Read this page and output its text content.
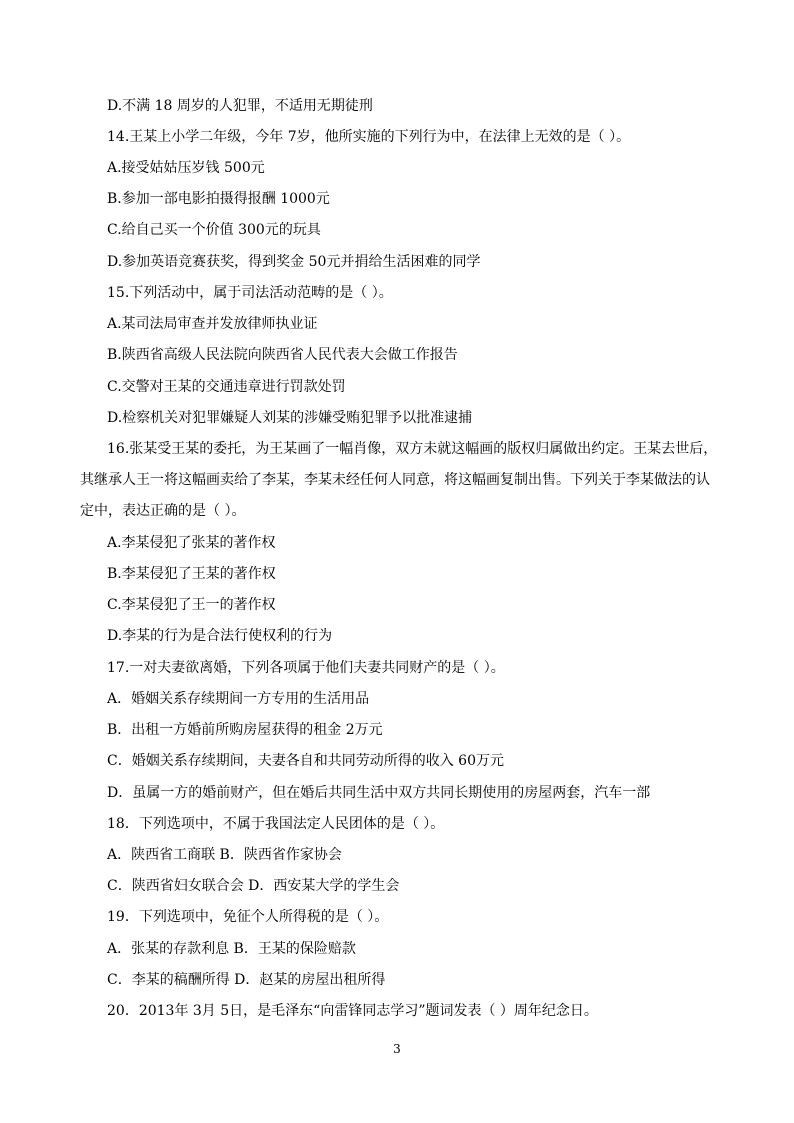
D.不满 18 周岁的人犯罪，不适用无期徒刑
14.王某上小学二年级，今年 7岁，他所实施的下列行为中，在法律上无效的是（ ）。
A.接受姑姑压岁钱 500元
B.参加一部电影拍摄得报酬 1000元
C.给自己买一个价值 300元的玩具
D.参加英语竞赛获奖，得到奖金 50元并捐给生活困难的同学
15.下列活动中，属于司法活动范畴的是（ ）。
A.某司法局审查并发放律师执业证
B.陕西省高级人民法院向陕西省人民代表大会做工作报告
C.交警对王某的交通违章进行罚款处罚
D.检察机关对犯罪嫌疑人刘某的涉嫌受贿犯罪予以批准逮捕
16.张某受王某的委托，为王某画了一幅肖像，双方未就这幅画的版权归属做出约定。王某去世后，
其继承人王一将这幅画卖给了李某，李某未经任何人同意，将这幅画复制出售。下列关于李某做法的认
定中，表达正确的是（ ）。
A.李某侵犯了张某的著作权
B.李某侵犯了王某的著作权
C.李某侵犯了王一的著作权
D.李某的行为是合法行使权利的行为
17.一对夫妻欲离婚，下列各项属于他们夫妻共同财产的是（ ）。
A．婚姻关系存续期间一方专用的生活用品
B．出租一方婚前所购房屋获得的租金 2万元
C．婚姻关系存续期间，夫妻各自和共同劳动所得的收入 60万元
D．虽属一方的婚前财产，但在婚后共同生活中双方共同长期使用的房屋两套，汽车一部
18．下列选项中，不属于我国法定人民团体的是（ ）。
A．陕西省工商联 B．陕西省作家协会
C．陕西省妇女联合会 D．西安某大学的学生会
19．下列选项中，免征个人所得税的是（ ）。
A．张某的存款利息 B．王某的保险赔款
C．李某的稿酬所得 D．赵某的房屋出租所得
20．2013年 3月 5日，是毛泽东“向雷锋同志学习”题词发表（ ）周年纪念日。
3
